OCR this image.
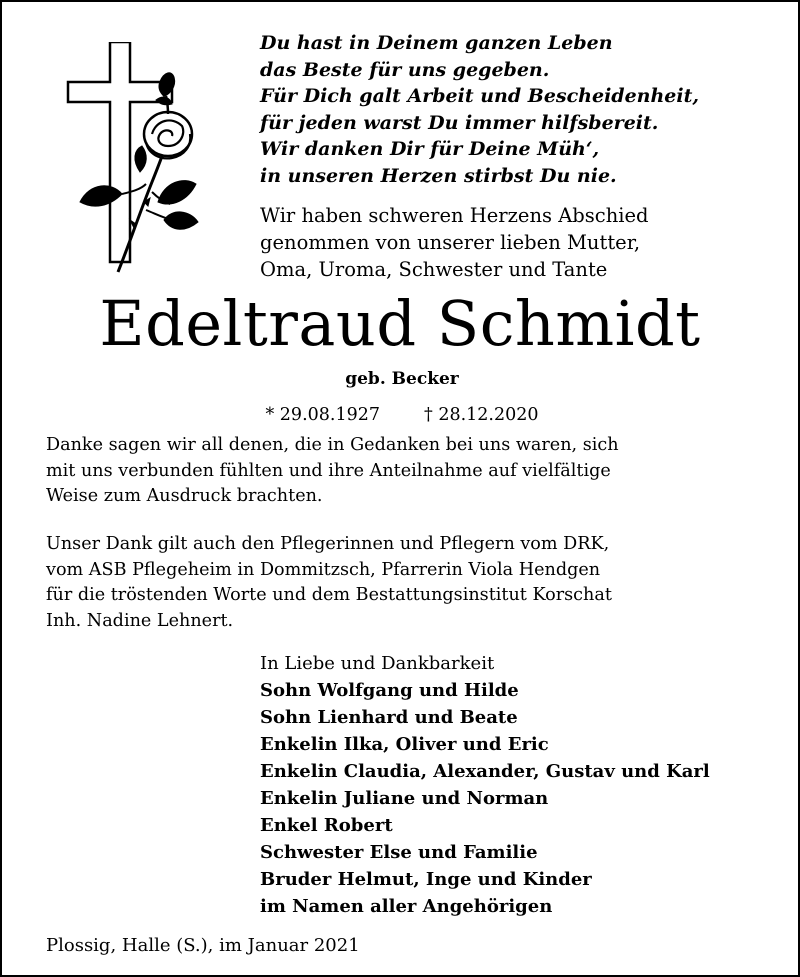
Du hast in Deinem ganzen Leben
das Beste für uns gegeben.
Für Dich galt Arbeit und Bescheidenheit,
für jeden warst Du immer hilfsbereit.
Wir danken Dir für Deine Müh‘,
in unseren Herzen stirbst Du nie.
Wir haben schweren Herzens Abschied
genommen von unserer lieben Mutter,
Oma, Uroma, Schwester und Tante
Edeltraud Schmidt
geb. Becker
* 29.08.1927	† 28.12.2020
Danke sagen wir all denen, die in Gedanken bei uns waren, sich
mit uns verbunden fühlten und ihre Anteilnahme auf vielfältige
Weise zum Ausdruck brachten.
Unser Dank gilt auch den Pflegerinnen und Pflegern vom DRK,
vom ASB Pflegeheim in Dommitzsch, Pfarrerin Viola Hendgen
für die tröstenden Worte und dem Bestattungsinstitut Korschat
Inh. Nadine Lehnert.
In Liebe und Dankbarkeit
Sohn Wolfgang und Hilde
Sohn Lienhard und Beate
Enkelin Ilka, Oliver und Eric
Enkelin Claudia, Alexander, Gustav und Karl
Enkelin Juliane und Norman
Enkel Robert
Schwester Else und Familie
Bruder Helmut, Inge und Kinder
im Namen aller Angehörigen
Plossig, Halle (S.), im Januar 2021
